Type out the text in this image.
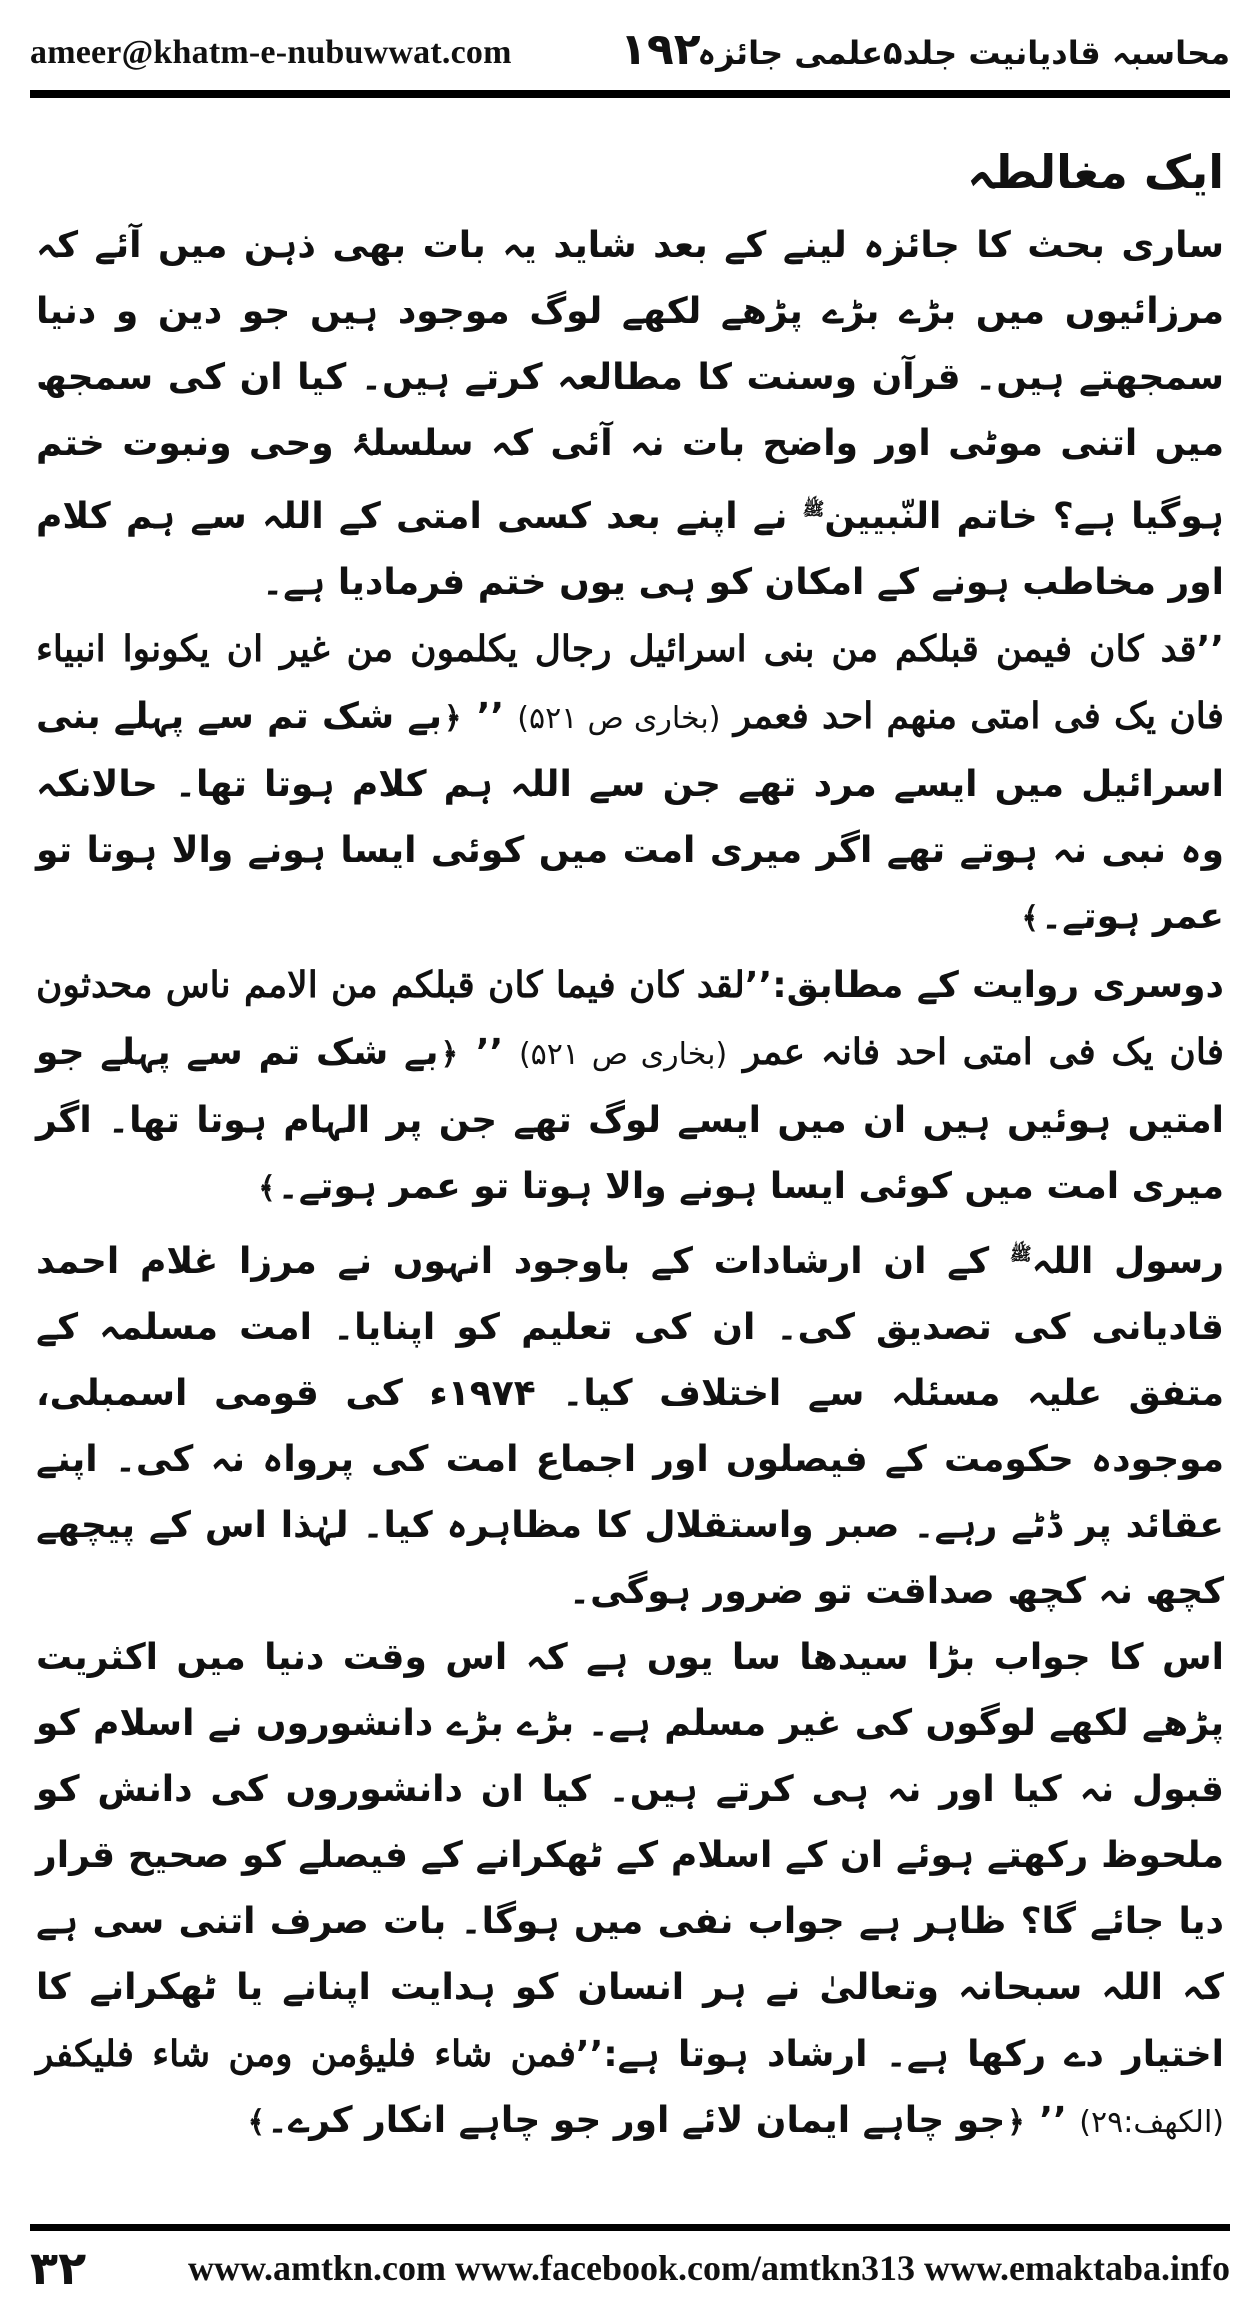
ameer@khatm-e-nubuwwat.com ۱۹۲
محاسبہ قادیانیت جلد۵علمی جائزہ
ایک مغالطہ

ساری بحث کا جائزہ لینے کے بعد شاید یہ بات بھی ذہن میں آئے کہ مرزائیوں میں بڑے بڑے پڑھے لکھے لوگ موجود ہیں جو دین و دنیا سمجھتے ہیں۔ قرآن وسنت کا مطالعہ کرتے ہیں۔ کیا ان کی سمجھ میں اتنی موٹی اور واضح بات نہ آئی کہ سلسلۂ وحی ونبوت ختم ہوگیا ہے؟ خاتم النّبیین$^ﷺ$ نے اپنے بعد کسی امتی کے اللہ سے ہم کلام اور مخاطب ہونے کے امکان کو ہی یوں ختم فرمادیا ہے۔

’’قد کان فیمن قبلکم من بنی اسرائیل رجال یکلمون من غیر ان یکونوا انبیاء فان یک فی امتی منھم احد فعمر (بخاری ص ۵۲۱) ’’ ﴿بے شک تم سے پہلے بنی اسرائیل میں ایسے مرد تھے جن سے اللہ ہم کلام ہوتا تھا۔ حالانکہ وہ نبی نہ ہوتے تھے اگر میری امت میں کوئی ایسا ہونے والا ہوتا تو عمر ہوتے۔﴾

دوسری روایت کے مطابق:’’لقد کان فیما کان قبلکم من الامم ناس محدثون فان یک فی امتی احد فانہ عمر (بخاری ص ۵۲۱) ’’ ﴿بے شک تم سے پہلے جو امتیں ہوئیں ہیں ان میں ایسے لوگ تھے جن پر الہام ہوتا تھا۔ اگر میری امت میں کوئی ایسا ہونے والا ہوتا تو عمر ہوتے۔﴾

رسول اللہ$^ﷺ$ کے ان ارشادات کے باوجود انہوں نے مرزا غلام احمد قادیانی کی تصدیق کی۔ ان کی تعلیم کو اپنایا۔ امت مسلمہ کے متفق علیہ مسئلہ سے اختلاف کیا۔ ۱۹۷۴ء کی قومی اسمبلی، موجودہ حکومت کے فیصلوں اور اجماع امت کی پرواہ نہ کی۔ اپنے عقائد پر ڈٹے رہے۔ صبر واستقلال کا مظاہرہ کیا۔ لہٰذا اس کے پیچھے کچھ نہ کچھ صداقت تو ضرور ہوگی۔

اس کا جواب بڑا سیدھا سا یوں ہے کہ اس وقت دنیا میں اکثریت پڑھے لکھے لوگوں کی غیر مسلم ہے۔ بڑے بڑے دانشوروں نے اسلام کو قبول نہ کیا اور نہ ہی کرتے ہیں۔ کیا ان دانشوروں کی دانش کو ملحوظ رکھتے ہوئے ان کے اسلام کے ٹھکرانے کے فیصلے کو صحیح قرار دیا جائے گا؟ ظاہر ہے جواب نفی میں ہوگا۔ بات صرف اتنی سی ہے کہ اللہ سبحانہ وتعالیٰ نے ہر انسان کو ہدایت اپنانے یا ٹھکرانے کا اختیار دے رکھا ہے۔ ارشاد ہوتا ہے:’’فمن شاء فلیؤمن ومن شاء فلیکفر (الکھف:۲۹) ’’ ﴿جو چاہے ایمان لائے اور جو چاہے انکار کرے۔﴾

۳۲	www.amtkn.com www.facebook.com/amtkn313 www.emaktaba.info
